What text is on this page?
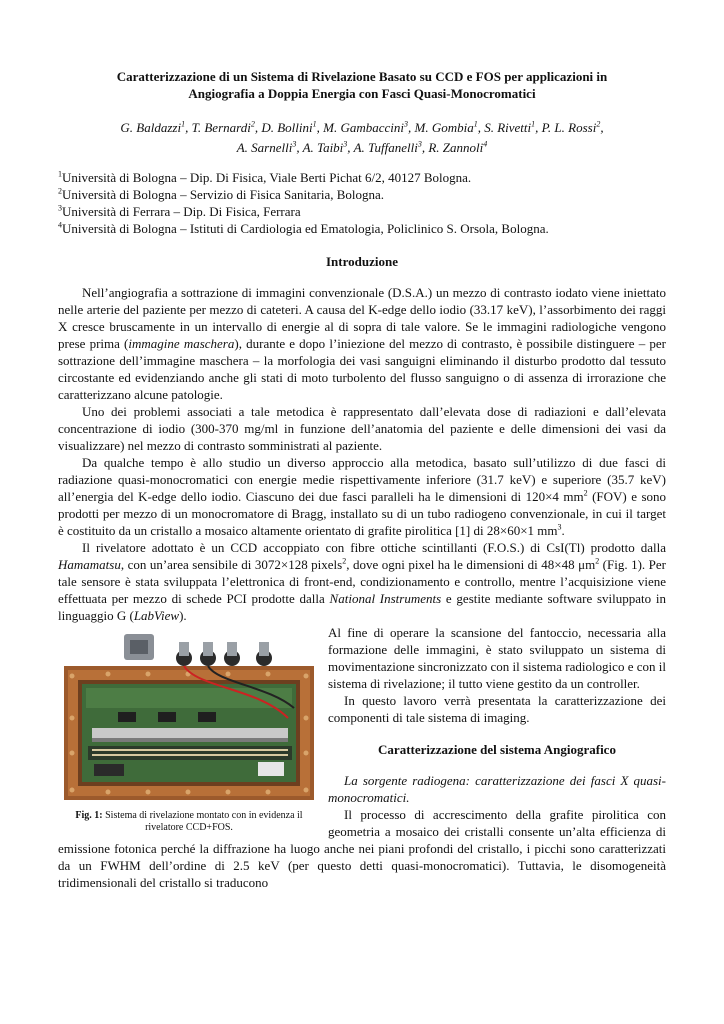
Caratterizzazione di un Sistema di Rivelazione Basato su CCD e FOS per applicazioni in
Angiografia a Doppia Energia con Fasci Quasi-Monocromatici
G. Baldazzi$^1$, T. Bernardi$^2$, D. Bollini$^1$, M. Gambaccini$^3$, M. Gombia$^1$, S. Rivetti$^1$, P. L. Rossi$^2$,
A. Sarnelli$^3$, A. Taibi$^3$, A. Tuffanelli$^3$, R. Zannoli$^4$
$^1$Università di Bologna – Dip. Di Fisica, Viale Berti Pichat 6/2, 40127 Bologna.
$^2$Università di Bologna – Servizio di Fisica Sanitaria, Bologna.
$^3$Università di Ferrara – Dip. Di Fisica, Ferrara
$^4$Università di Bologna – Istituti di Cardiologia ed Ematologia, Policlinico S. Orsola, Bologna.
Introduzione

Nell’angiografia a sottrazione di immagini convenzionale (D.S.A.) un mezzo di contrasto iodato viene iniettato nelle arterie del paziente per mezzo di cateteri. A causa del K-edge dello iodio (33.17 keV), l’assorbimento dei raggi X cresce bruscamente in un intervallo di energie al di sopra di tale valore. Se le immagini radiologiche vengono prese prima (immagine maschera), durante e dopo l’iniezione del mezzo di contrasto, è possibile distinguere – per sottrazione dell’immagine maschera – la morfologia dei vasi sanguigni eliminando il disturbo prodotto dal tessuto circostante ed evidenziando anche gli stati di moto turbolento del flusso sanguigno o di assenza di irrorazione che caratterizzano alcune patologie.

Uno dei problemi associati a tale metodica è rappresentato dall’elevata dose di radiazioni e dall’elevata concentrazione di iodio (300-370 mg/ml in funzione dell’anatomia del paziente e delle dimensioni dei vasi da visualizzare) nel mezzo di contrasto somministrati al paziente.

Da qualche tempo è allo studio un diverso approccio alla metodica, basato sull’utilizzo di due fasci di radiazione quasi-monocromatici con energie medie rispettivamente inferiore (31.7 keV) e superiore (35.7 keV) all’energia del K-edge dello iodio. Ciascuno dei due fasci paralleli ha le dimensioni di 120×4 $mm^2$ (FOV) e sono prodotti per mezzo di un monocromatore di Bragg, installato su di un tubo radiogeno convenzionale, in cui il target è costituito da un cristallo a mosaico altamente orientato di grafite pirolitica [1] di 28×60×1 $mm^3$.

Il rivelatore adottato è un CCD accoppiato con fibre ottiche scintillanti (F.O.S.) di CsI(Tl) prodotto dalla Hamamatsu, con un’area sensibile di 3072×128 pixels$^2$, dove ogni pixel ha le dimensioni di 48×48 $\mu m^2$ (Fig. 1). Per tale sensore è stata sviluppata l’elettronica di front-end, condizionamento e controllo, mentre l’acquisizione viene effettuata per mezzo di schede PCI prodotte dalla National Instruments e gestite mediante software sviluppato in linguaggio G (LabView).

Fig. 1: Sistema di rivelazione montato con in evidenza il rivelatore CCD+FOS.

Al fine di operare la scansione del fantoccio, necessaria alla formazione delle immagini, è stato sviluppato un sistema di movimentazione sincronizzato con il sistema radiologico e con il sistema di rivelazione; il tutto viene gestito da un controller.

In questo lavoro verrà presentata la caratterizzazione dei componenti di tale sistema di imaging.

Caratterizzazione del sistema Angiografico

La sorgente radiogena: caratterizzazione dei fasci X quasi-monocromatici.

Il processo di accrescimento della grafite pirolitica con geometria a mosaico dei cristalli consente un’alta efficienza di emissione fotonica perché la diffrazione ha luogo anche nei piani profondi del cristallo, i picchi sono caratterizzati da un FWHM dell’ordine di 2.5 keV (per questo detti quasi-monocromatici). Tuttavia, le disomogeneità tridimensionali del cristallo si traducono
